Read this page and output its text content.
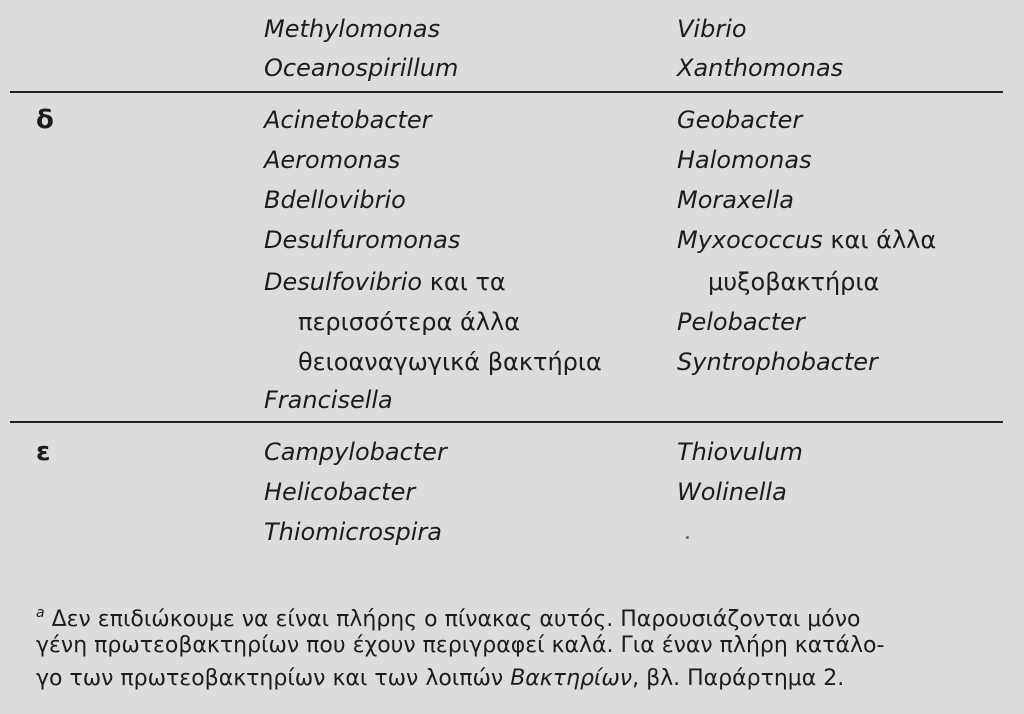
Methylomonas
Oceanospirillum
Vibrio
Xanthomonas
δ	Acinetobacter
Aeromonas
Bdellovibrio
Desulfuromonas
Desulfovibrio και τα
περισσότερα άλλα
θειοαναγωγικά βακτήρια
Francisella
Geobacter
Halomonas
Moraxella
Myxococcus και άλλα
μυξοβακτήρια
Pelobacter
Syntrophobacter
ε	Campylobacter
Helicobacter
Thiomicrospira
Thiovulum
Wolinella
$^a$ Δεν επιδιώκουμε να είναι πλήρης ο πίνακας αυτός. Παρουσιάζονται μόνο
γένη πρωτεοβακτηρίων που έχουν περιγραφεί καλά. Για έναν πλήρη κατάλο-
γο των πρωτεοβακτηρίων και των λοιπών Βακτηρίων, βλ. Παράρτημα 2.
